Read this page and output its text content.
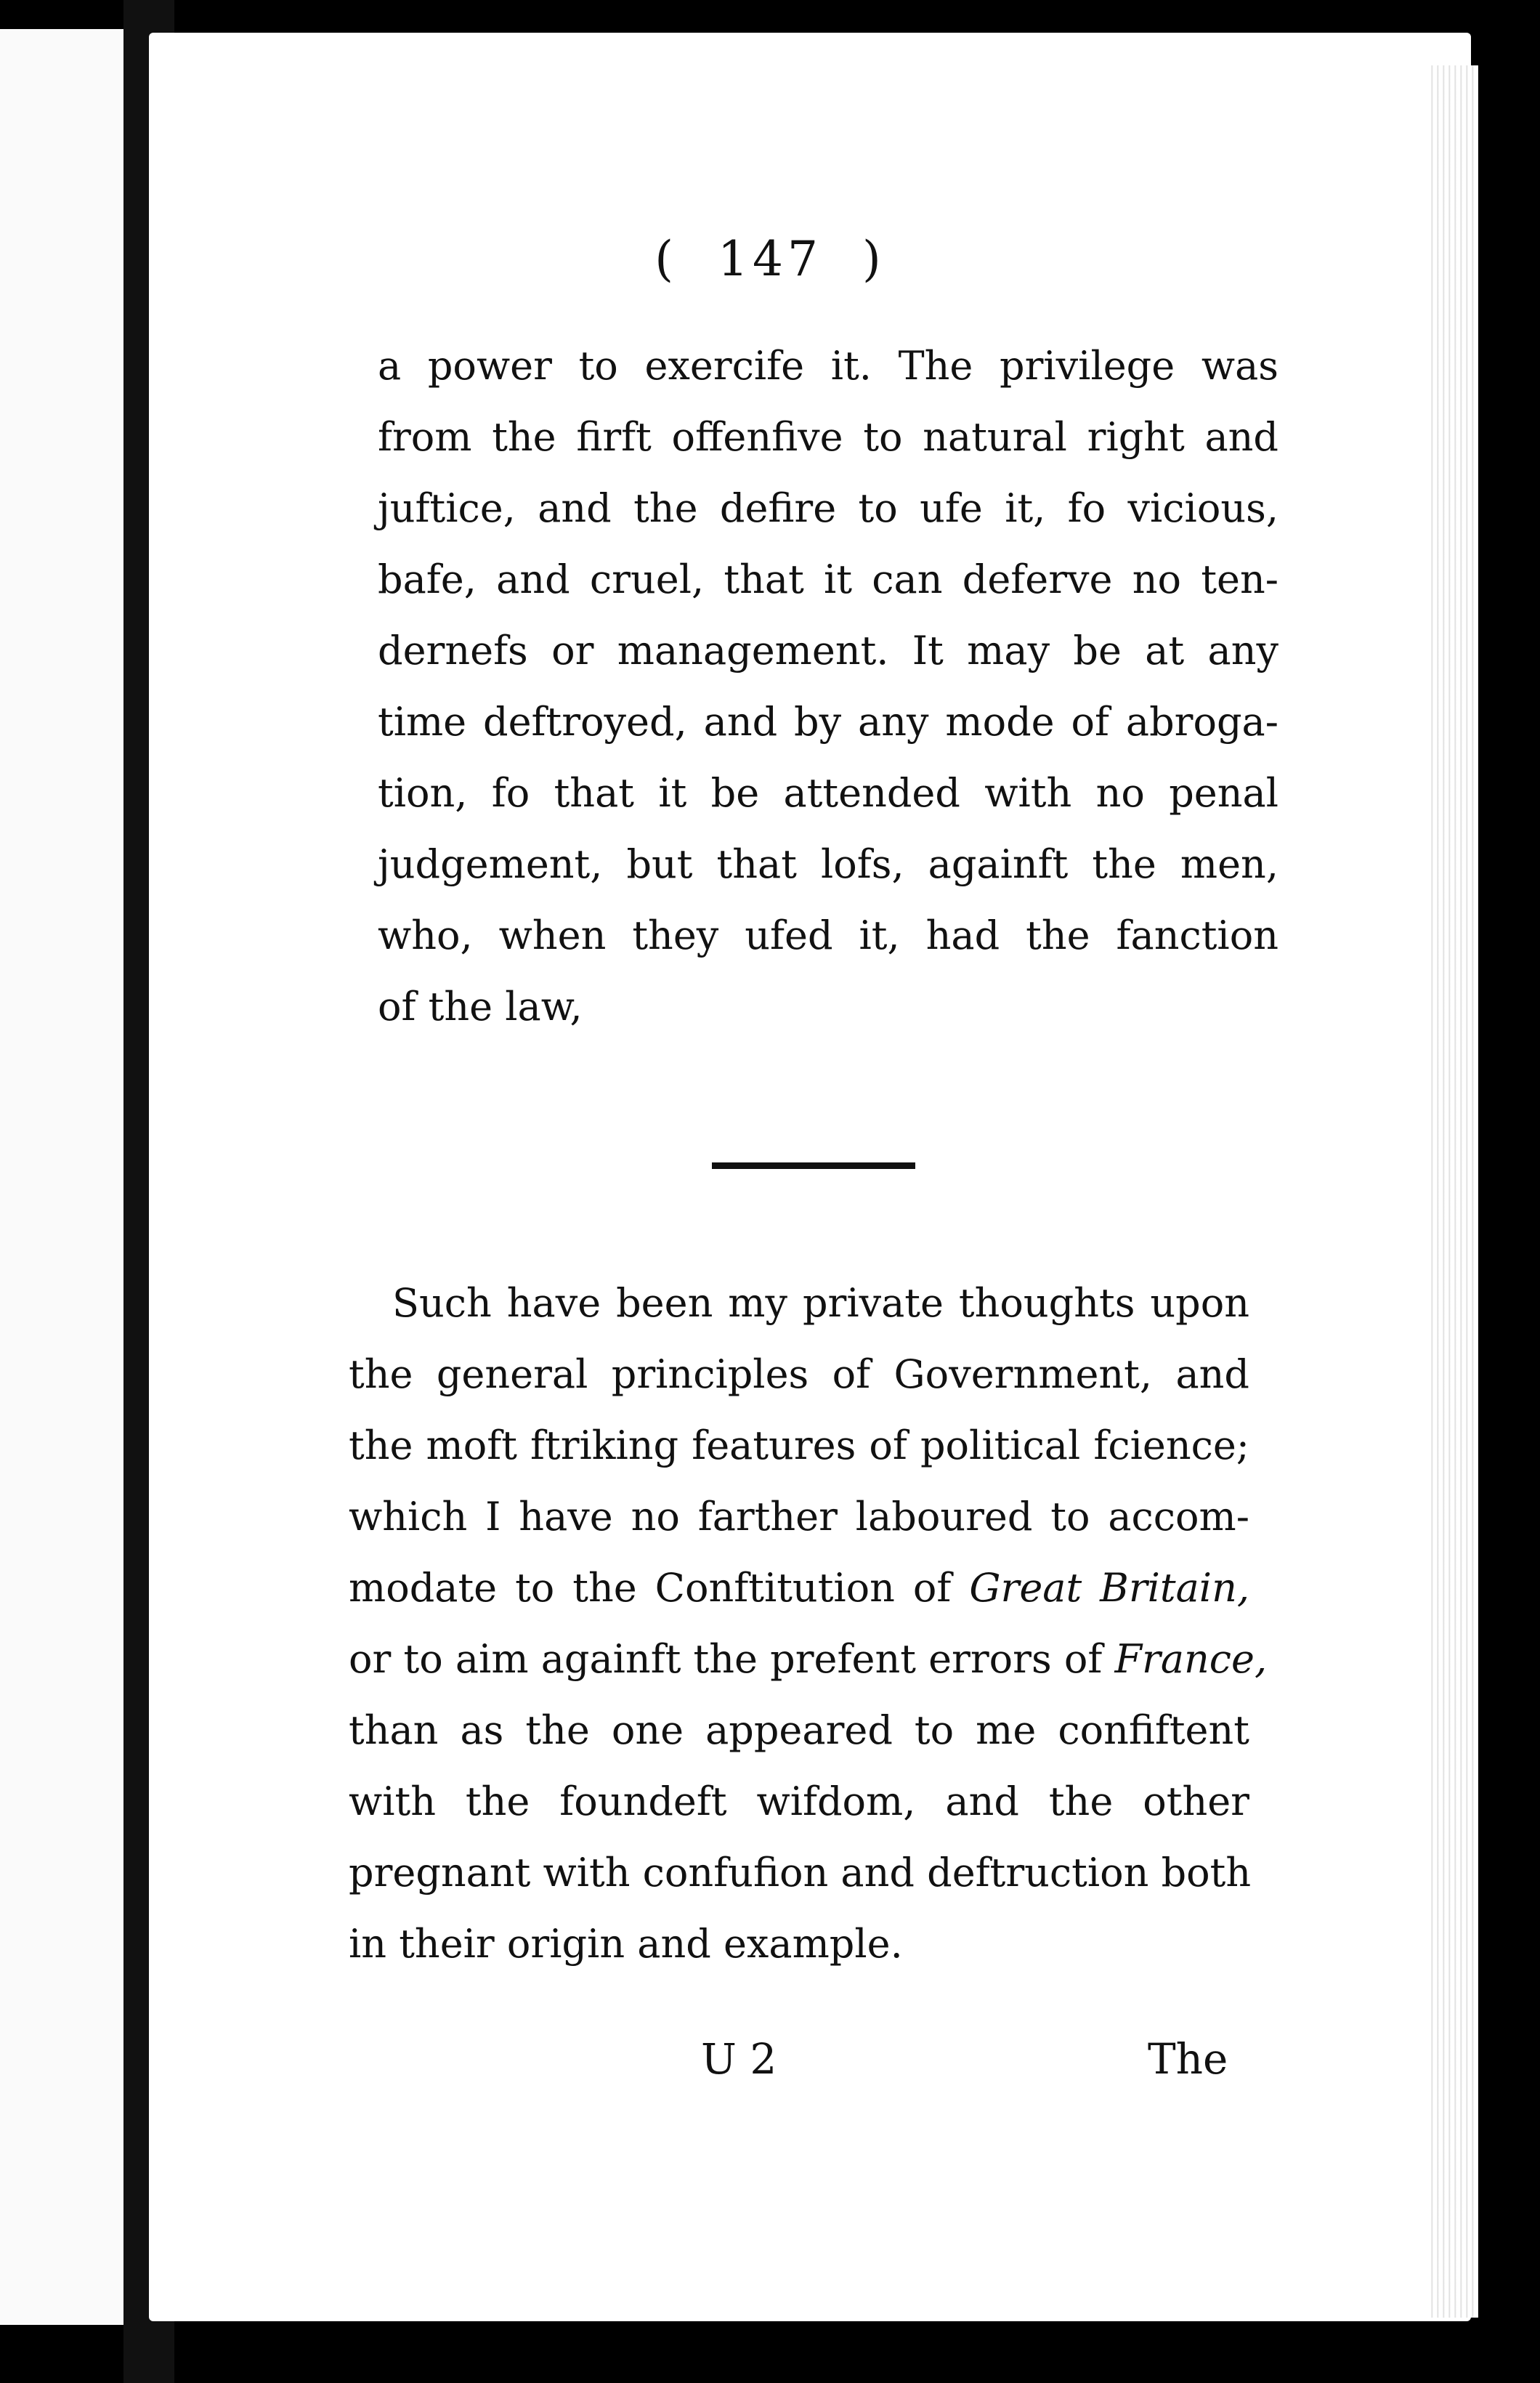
( 147 )
a power to exercife it. The privilege was
from the firft offenfive to natural right and
juftice, and the defire to ufe it, fo vicious,
bafe, and cruel, that it can deferve no ten-
dernefs or management. It may be at any
time deftroyed, and by any mode of abroga-
tion, fo that it be attended with no penal
judgement, but that lofs, againft the men,
who, when they ufed it, had the fanction
of the law,
Such have been my private thoughts upon
the general principles of Government, and
the moft ftriking features of political fcience;
which I have no farther laboured to accom-
modate to the Conftitution of Great Britain,
or to aim againft the prefent errors of France,
than as the one appeared to me confiftent
with the foundeft wifdom, and the other
pregnant with confufion and deftruction both
in their origin and example.
U 2	The
